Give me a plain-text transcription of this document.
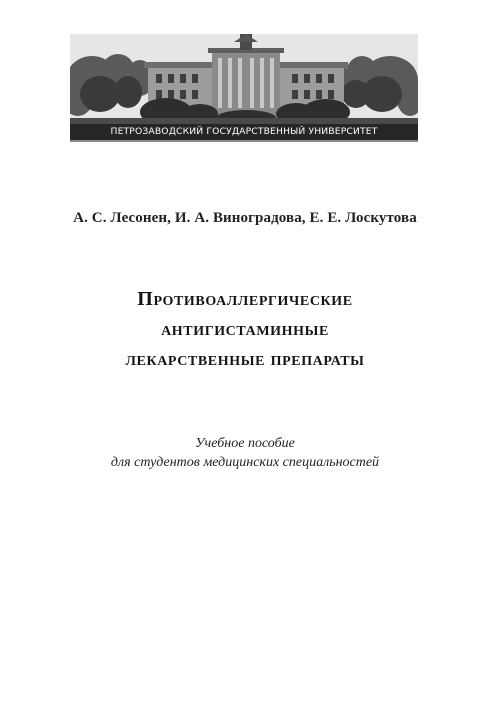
ПЕТРОЗАВОДСКИЙ ГОСУДАРСТВЕННЫЙ УНИВЕРСИТЕТ
А. С. Лесонен, И. А. Виноградова, Е. Е. Лоскутова
Противоаллергические
антигистаминные
лекарственные препараты
Учебное пособие
для студентов медицинских специальностей
